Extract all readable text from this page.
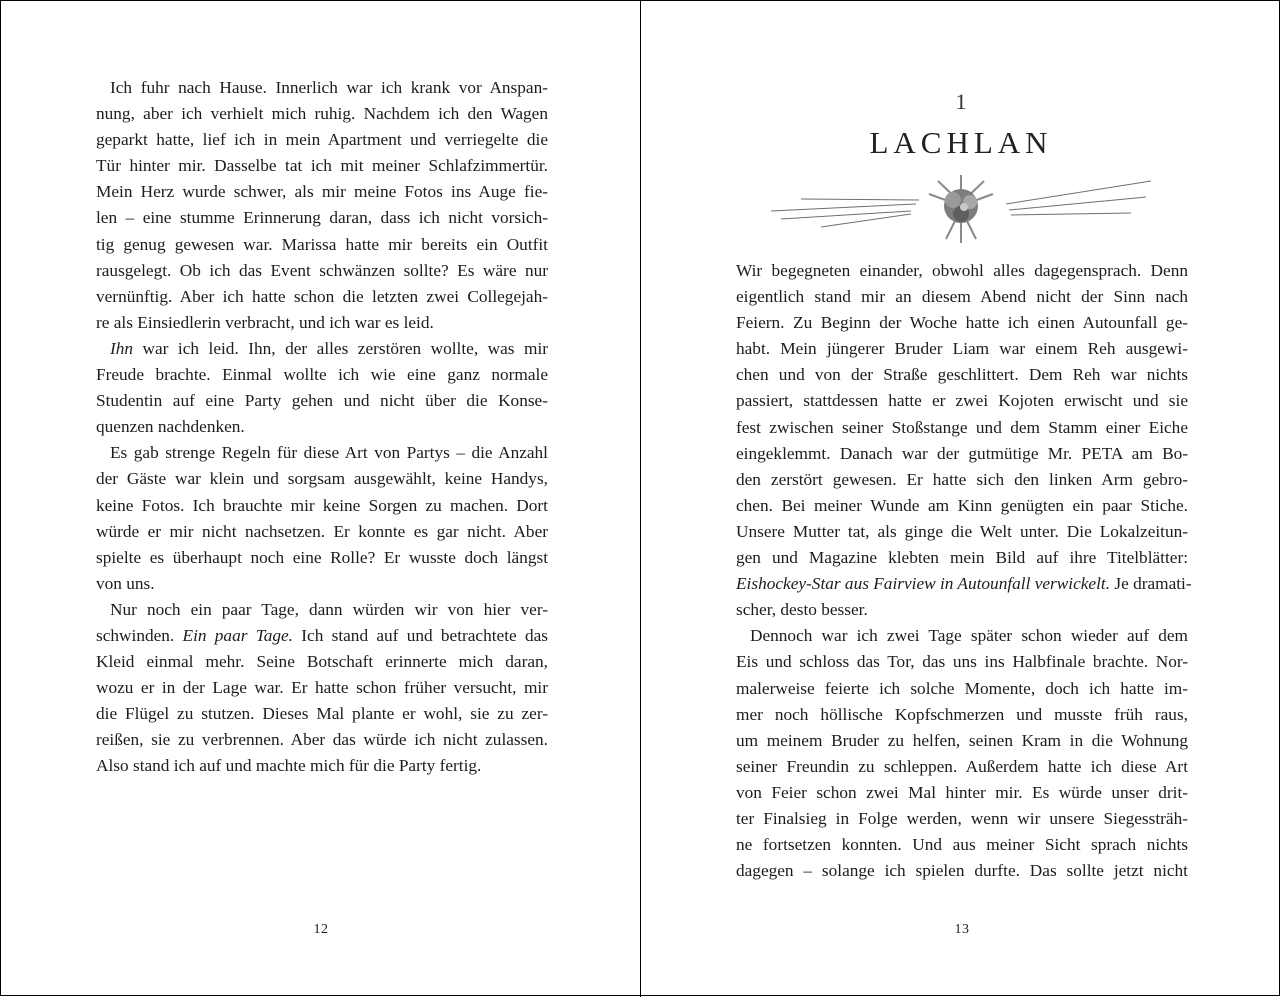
Ich fuhr nach Hause. Innerlich war ich krank vor Anspan-
nung, aber ich verhielt mich ruhig. Nachdem ich den Wagen
geparkt hatte, lief ich in mein Apartment und verriegelte die
Tür hinter mir. Dasselbe tat ich mit meiner Schlafzimmertür.
Mein Herz wurde schwer, als mir meine Fotos ins Auge fie-
len – eine stumme Erinnerung daran, dass ich nicht vorsich-
tig genug gewesen war. Marissa hatte mir bereits ein Outfit
rausgelegt. Ob ich das Event schwänzen sollte? Es wäre nur
vernünftig. Aber ich hatte schon die letzten zwei Collegejah-
re als Einsiedlerin verbracht, und ich war es leid.
Ihn war ich leid. Ihn, der alles zerstören wollte, was mir
Freude brachte. Einmal wollte ich wie eine ganz normale
Studentin auf eine Party gehen und nicht über die Konse-
quenzen nachdenken.
Es gab strenge Regeln für diese Art von Partys – die Anzahl
der Gäste war klein und sorgsam ausgewählt, keine Handys,
keine Fotos. Ich brauchte mir keine Sorgen zu machen. Dort
würde er mir nicht nachsetzen. Er konnte es gar nicht. Aber
spielte es überhaupt noch eine Rolle? Er wusste doch längst
von uns.
Nur noch ein paar Tage, dann würden wir von hier ver-
schwinden. Ein paar Tage. Ich stand auf und betrachtete das
Kleid einmal mehr. Seine Botschaft erinnerte mich daran,
wozu er in der Lage war. Er hatte schon früher versucht, mir
die Flügel zu stutzen. Dieses Mal plante er wohl, sie zu zer-
reißen, sie zu verbrennen. Aber das würde ich nicht zulassen.
Also stand ich auf und machte mich für die Party fertig.
12
1
LACHLAN
Wir begegneten einander, obwohl alles dagegensprach. Denn
eigentlich stand mir an diesem Abend nicht der Sinn nach
Feiern. Zu Beginn der Woche hatte ich einen Autounfall ge-
habt. Mein jüngerer Bruder Liam war einem Reh ausgewi-
chen und von der Straße geschlittert. Dem Reh war nichts
passiert, stattdessen hatte er zwei Kojoten erwischt und sie
fest zwischen seiner Stoßstange und dem Stamm einer Eiche
eingeklemmt. Danach war der gutmütige Mr. PETA am Bo-
den zerstört gewesen. Er hatte sich den linken Arm gebro-
chen. Bei meiner Wunde am Kinn genügten ein paar Stiche.
Unsere Mutter tat, als ginge die Welt unter. Die Lokalzeitun-
gen und Magazine klebten mein Bild auf ihre Titelblätter:
Eishockey-Star aus Fairview in Autounfall verwickelt. Je dramati-
scher, desto besser.
Dennoch war ich zwei Tage später schon wieder auf dem
Eis und schloss das Tor, das uns ins Halbfinale brachte. Nor-
malerweise feierte ich solche Momente, doch ich hatte im-
mer noch höllische Kopfschmerzen und musste früh raus,
um meinem Bruder zu helfen, seinen Kram in die Wohnung
seiner Freundin zu schleppen. Außerdem hatte ich diese Art
von Feier schon zwei Mal hinter mir. Es würde unser drit-
ter Finalsieg in Folge werden, wenn wir unsere Siegessträh-
ne fortsetzen konnten. Und aus meiner Sicht sprach nichts
dagegen – solange ich spielen durfte. Das sollte jetzt nicht
13
